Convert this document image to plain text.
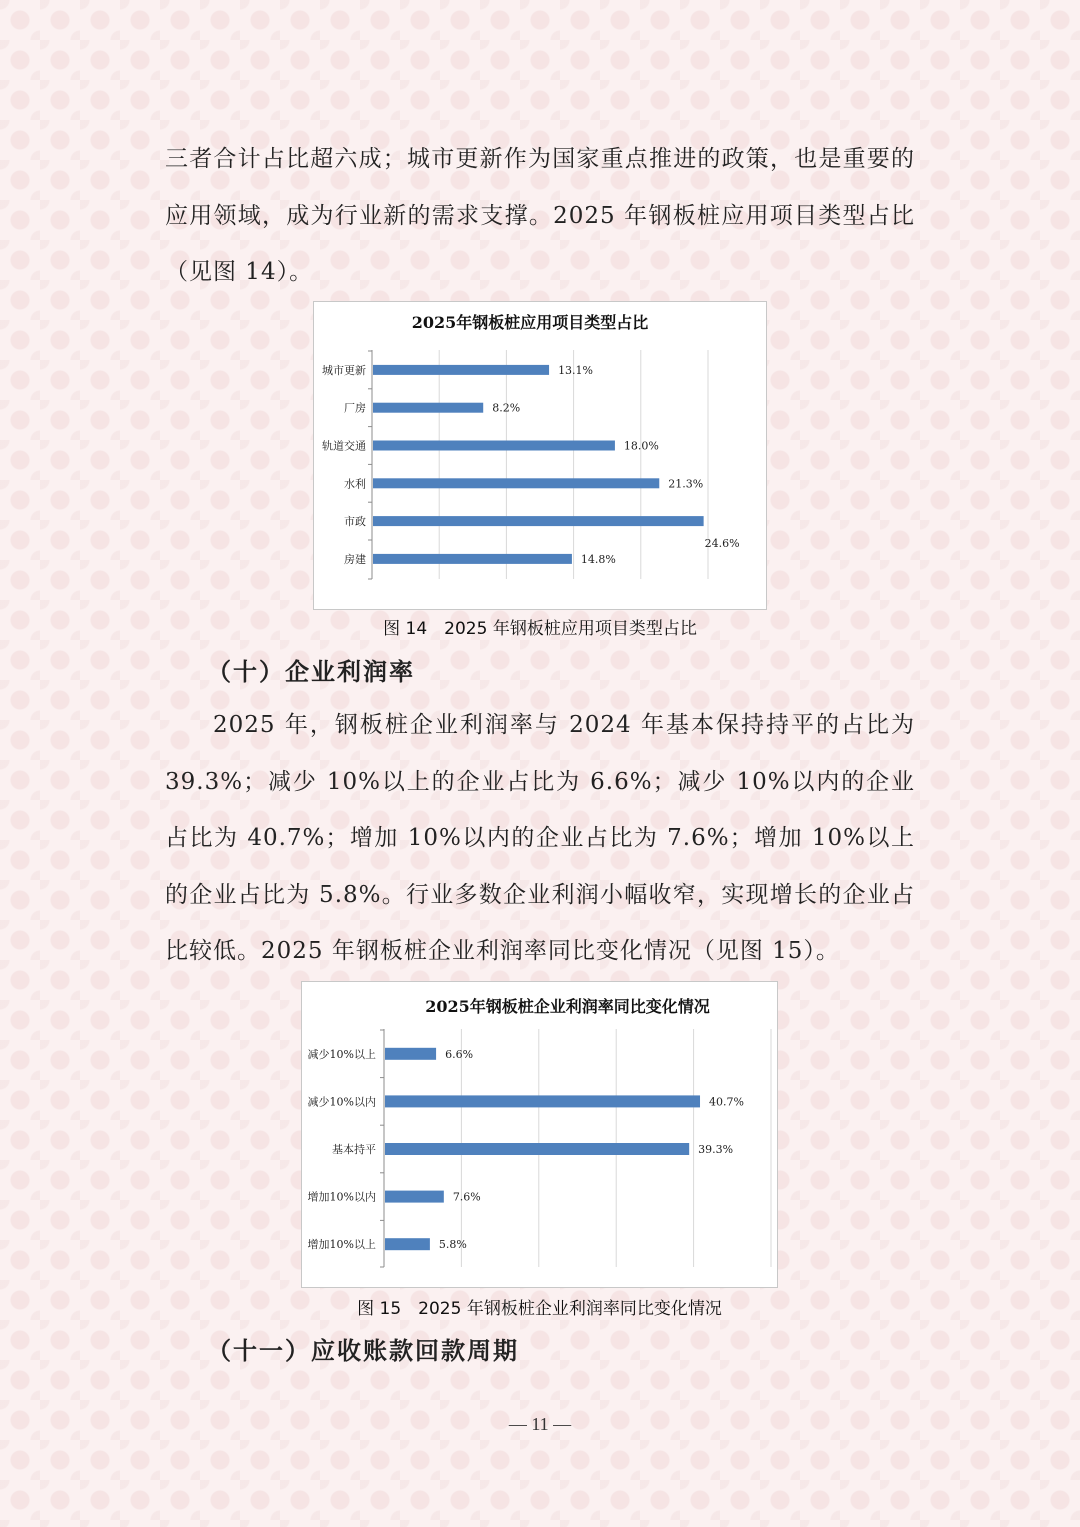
三者合计占比超六成；城市更新作为国家重点推进的政策，也是重要的应用领域，成为行业新的需求支撑。2025 年钢板桩应用项目类型占比（见图 14）。

2025年钢板桩应用项目类型占比
城市更新	13.1%
厂房	8.2%
轨道交通	18.0%
水利	21.3%
市政
24.6%
房建	14.8%

图 14　2025 年钢板桩应用项目类型占比

（十）企业利润率

2025 年，钢板桩企业利润率与 2024 年基本保持持平的占比为 39.3%；减少 10%以上的企业占比为 6.6%；减少 10%以内的企业占比为 40.7%；增加 10%以内的企业占比为 7.6%；增加 10%以上的企业占比为 5.8%。行业多数企业利润小幅收窄，实现增长的企业占比较低。2025 年钢板桩企业利润率同比变化情况（见图 15）。

2025年钢板桩企业利润率同比变化情况
减少10%以上	6.6%
减少10%以内	40.7%
基本持平	39.3%
增加10%以内	7.6%
增加10%以上	5.8%

图 15　2025 年钢板桩企业利润率同比变化情况

（十一）应收账款回款周期

— 11 —
